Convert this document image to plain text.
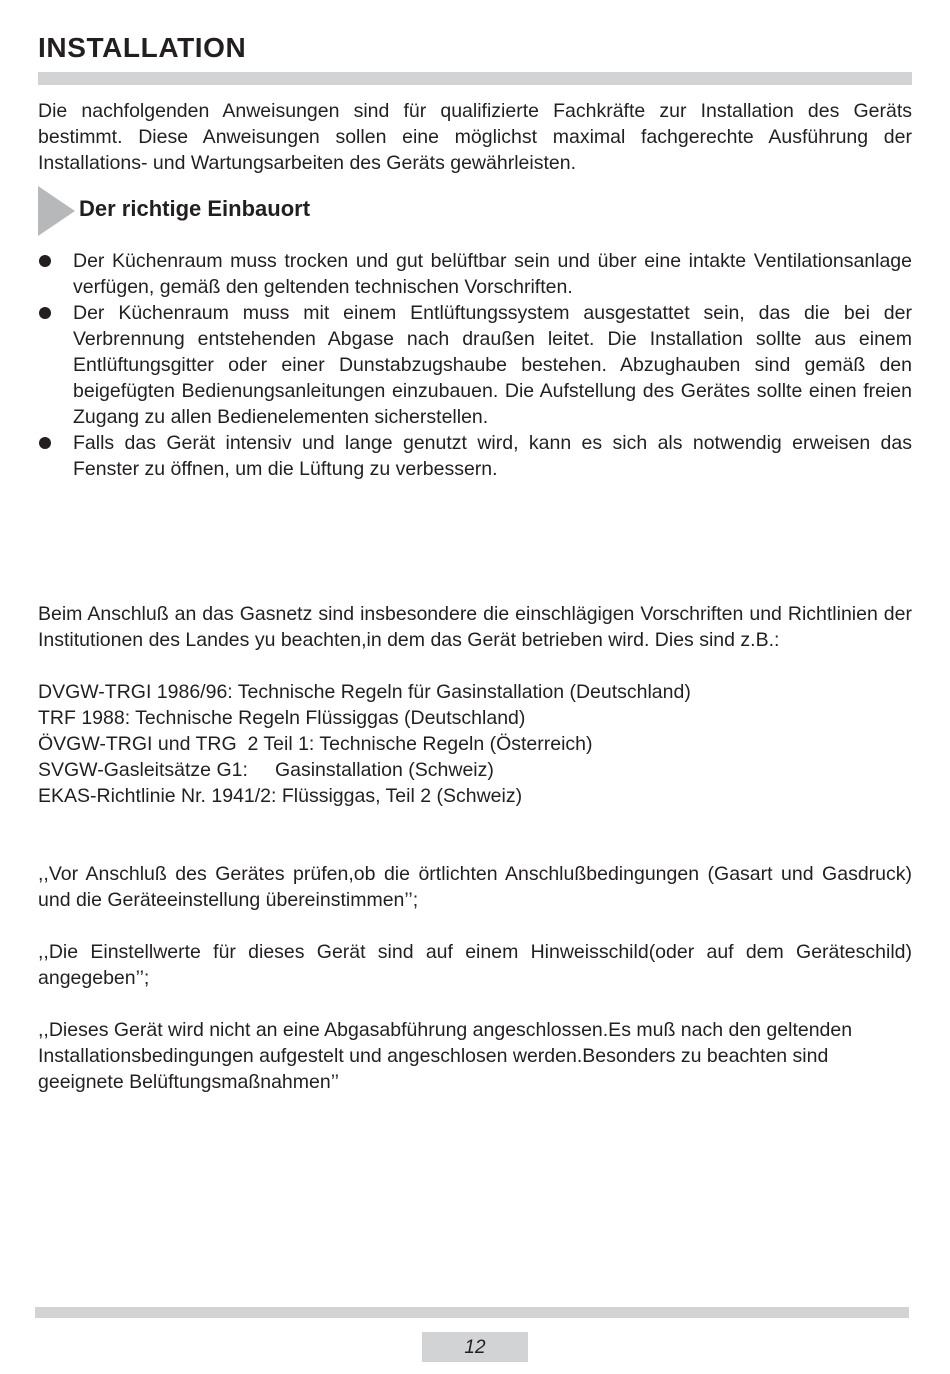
INSTALLATION

Die nachfolgenden Anweisungen sind für qualifizierte Fachkräfte zur Installation des Geräts bestimmt. Diese Anweisungen sollen eine möglichst maximal fachgerechte Ausführung der Installations- und Wartungsarbeiten des Geräts gewährleisten.

Der richtige Einbauort
Der Küchenraum muss trocken und gut belüftbar sein und über eine intakte Ventilationsanlage verfügen, gemäß den geltenden technischen Vorschriften.
Der Küchenraum muss mit einem Entlüftungssystem ausgestattet sein, das die bei der Verbrennung entstehenden Abgase nach draußen leitet. Die Installation sollte aus einem Entlüftungsgitter oder einer Dunstabzugshaube bestehen. Abzughauben sind gemäß den beigefügten Bedienungsanleitungen einzubauen. Die Aufstellung des Gerätes sollte einen freien Zugang zu allen Bedienelementen sicherstellen.
Falls das Gerät intensiv und lange genutzt wird, kann es sich als notwendig erweisen das Fenster zu öffnen, um die Lüftung zu verbessern.

Beim Anschluß an das Gasnetz sind insbesondere die einschlägigen Vorschriften und Richtlinien der Institutionen des Landes yu beachten,in dem das Gerät betrieben wird. Dies sind z.B.:

DVGW-TRGI 1986/96: Technische Regeln für Gasinstallation (Deutschland)
TRF 1988: Technische Regeln Flüssiggas (Deutschland)
ÖVGW-TRGI und TRG  2 Teil 1: Technische Regeln (Österreich)
SVGW-Gasleitsätze G1:     Gasinstallation (Schweiz)
EKAS-Richtlinie Nr. 1941/2: Flüssiggas, Teil 2 (Schweiz)

,,Vor Anschluß des Gerätes prüfen,ob die örtlichten Anschlußbedingungen (Gasart und Gasdruck) und die Geräteeinstellung übereinstimmen’’;

,,Die Einstellwerte für dieses Gerät sind auf einem Hinweisschild(oder auf dem Geräteschild) angegeben’’;

,,Dieses Gerät wird nicht an eine Abgasabführung angeschlossen.Es muß nach den geltenden Installationsbedingungen aufgestelt und angeschlosen werden.Besonders zu beachten sind geeignete Belüftungsmaßnahmen’’

12
